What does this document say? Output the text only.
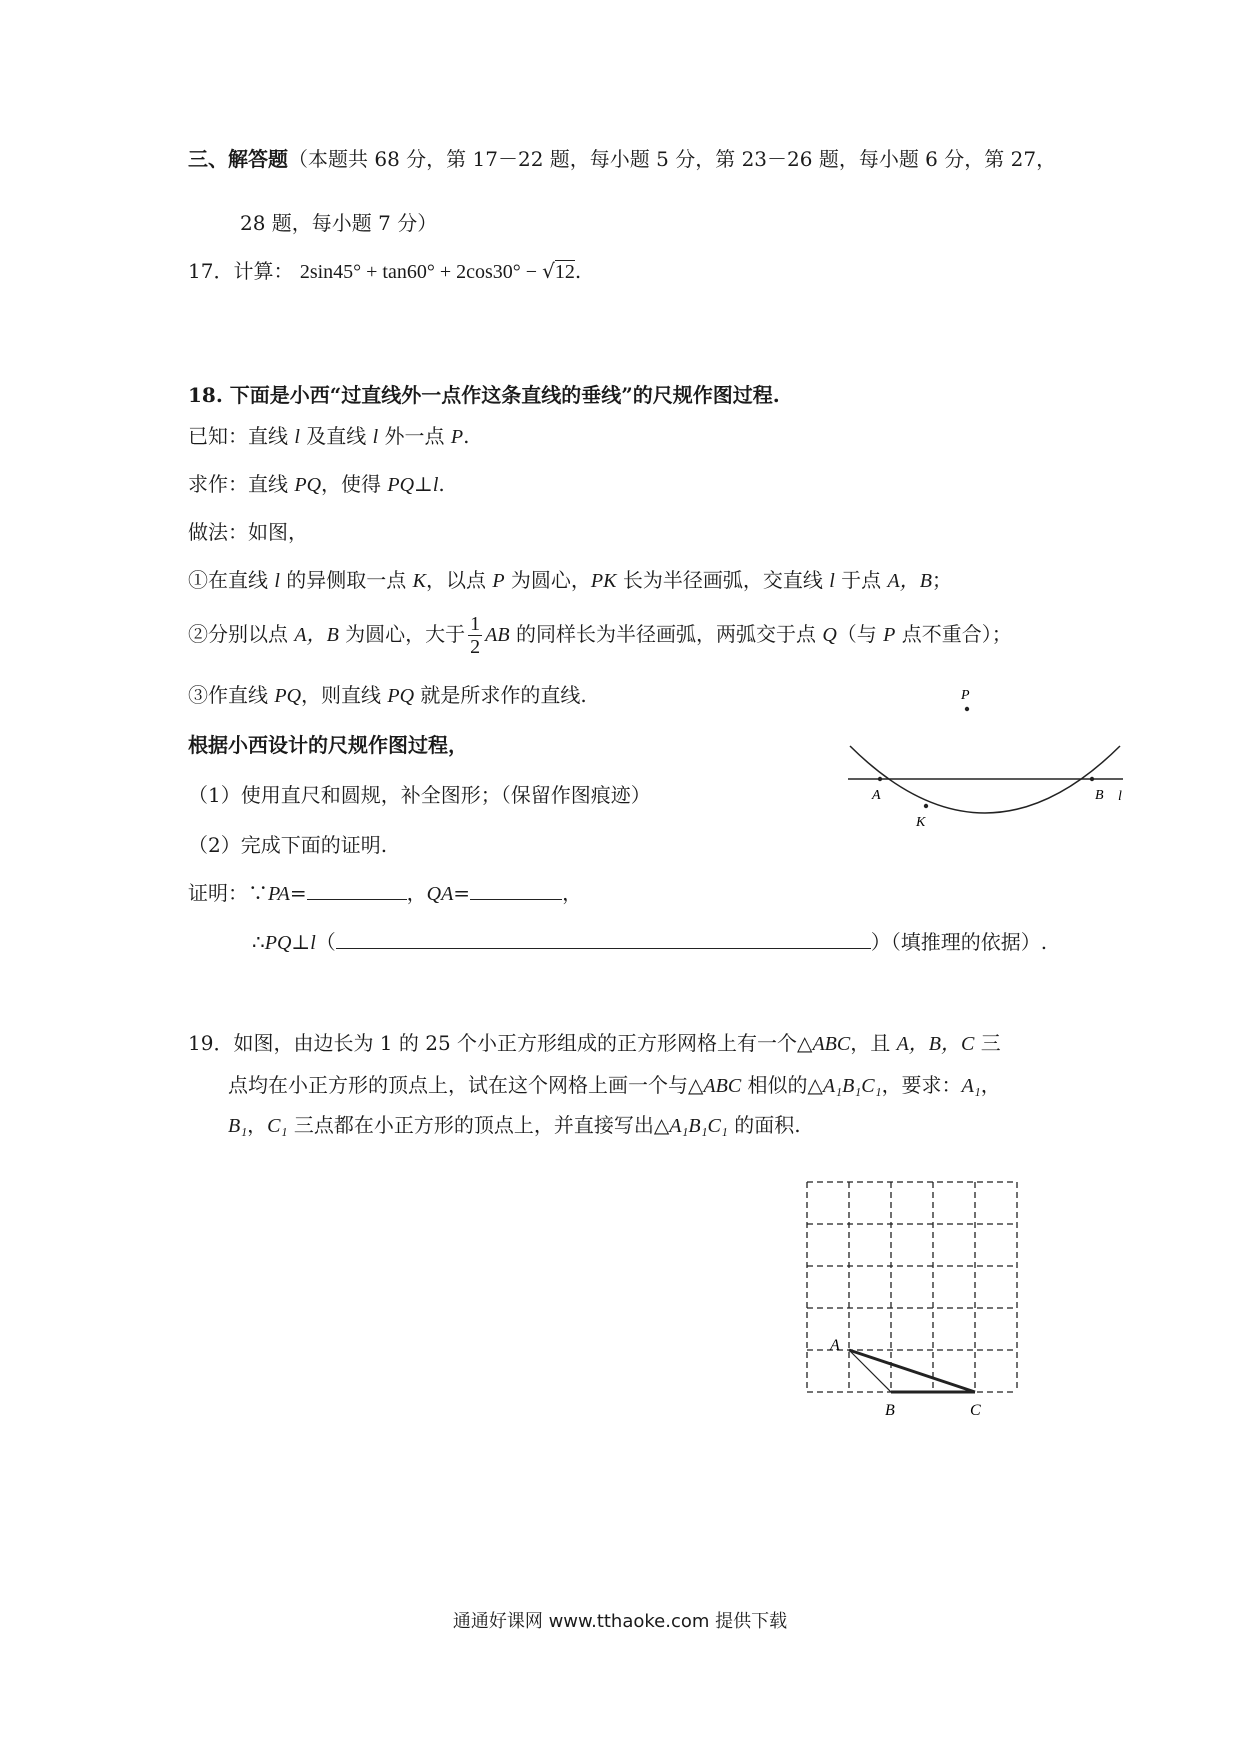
三、解答题（本题共 68 分，第 17－22 题，每小题 5 分，第 23－26 题，每小题 6 分，第 27，
28 题，每小题 7 分）
17．计算： 2sin45° + tan60° + 2cos30° − √12.
18. 下面是小西“过直线外一点作这条直线的垂线”的尺规作图过程.
已知：直线 l 及直线 l 外一点 P.
求作：直线 PQ，使得 PQ⊥l.
做法：如图，
①在直线 l 的异侧取一点 K，以点 P 为圆心，PK 长为半径画弧，交直线 l 于点 A，B；
②分别以点 A，B 为圆心，大于 $\frac{1}{2}$ AB 的同样长为半径画弧，两弧交于点 Q（与 P 点不重合）；
③作直线 PQ，则直线 PQ 就是所求作的直线.
根据小西设计的尺规作图过程，
（1）使用直尺和圆规，补全图形；（保留作图痕迹）
（2）完成下面的证明.
证明：∵PA=	，QA=	，
∴PQ⊥l（	）（填推理的依据）.
P
A	B
K
l
19．如图，由边长为 1 的 25 个小正方形组成的正方形网格上有一个△ABC，且 A，B，C 三
点均在小正方形的顶点上，试在这个网格上画一个与△ABC 相似的△A₁B₁C₁，要求：A₁，
B₁，C₁ 三点都在小正方形的顶点上，并直接写出△A₁B₁C₁ 的面积.
A
B	C
通通好课网 www.tthaoke.com 提供下载
